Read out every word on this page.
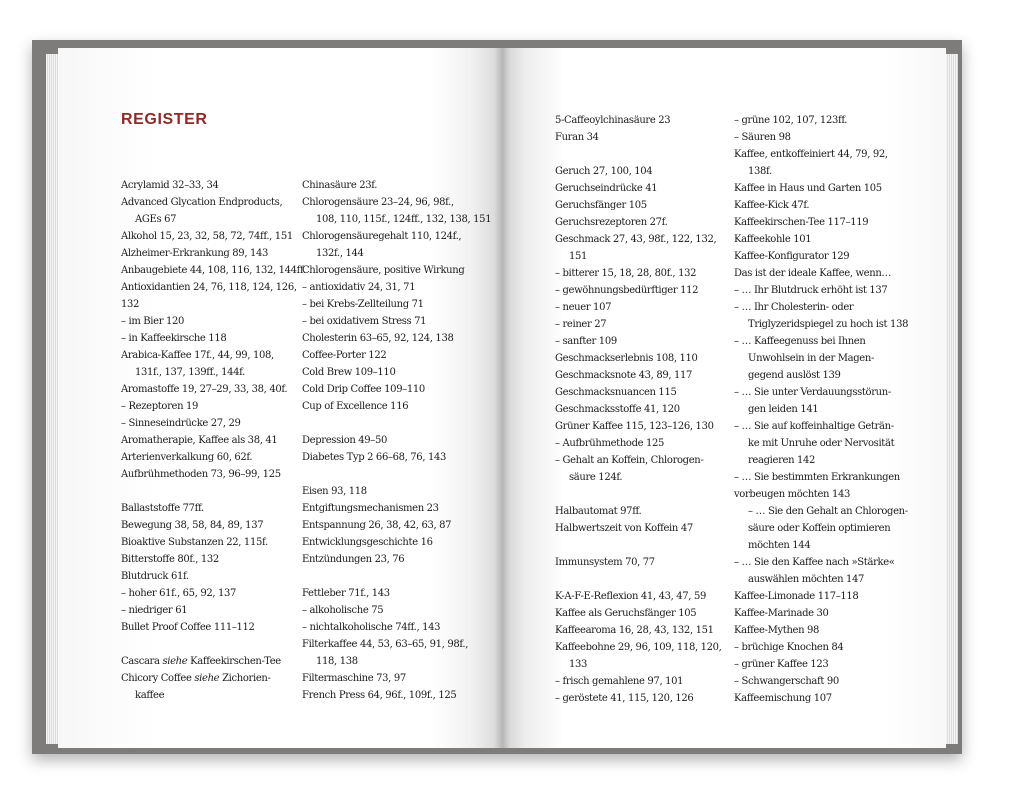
REGISTER
Acrylamid 32–33, 34
Advanced Glycation Endproducts,
AGEs 67
Alkohol 15, 23, 32, 58, 72, 74ff., 151
Alzheimer-Erkrankung 89, 143
Anbaugebiete 44, 108, 116, 132, 144ff.
Antioxidantien 24, 76, 118, 124, 126,
132
– im Bier 120
– in Kaffeekirsche 118
Arabica-Kaffee 17f., 44, 99, 108,
131f., 137, 139ff., 144f.
Aromastoffe 19, 27–29, 33, 38, 40f.
– Rezeptoren 19
– Sinneseindrücke 27, 29
Aromatherapie, Kaffee als 38, 41
Arterienverkalkung 60, 62f.
Aufbrühmethoden 73, 96–99, 125
Ballaststoffe 77ff.
Bewegung 38, 58, 84, 89, 137
Bioaktive Substanzen 22, 115f.
Bitterstoffe 80f., 132
Blutdruck 61f.
– hoher 61f., 65, 92, 137
– niedriger 61
Bullet Proof Coffee 111–112
Cascara siehe Kaffeekirschen-Tee
Chicory Coffee siehe Zichorien-
kaffee
Chinasäure 23f.
Chlorogensäure 23–24, 96, 98f.,
108, 110, 115f., 124ff., 132, 138, 151
Chlorogensäuregehalt 110, 124f.,
132f., 144
Chlorogensäure, positive Wirkung
– antioxidativ 24, 31, 71
– bei Krebs-Zellteilung 71
– bei oxidativem Stress 71
Cholesterin 63–65, 92, 124, 138
Coffee-Porter 122
Cold Brew 109–110
Cold Drip Coffee 109–110
Cup of Excellence 116
Depression 49–50
Diabetes Typ 2 66–68, 76, 143
Eisen 93, 118
Entgiftungsmechanismen 23
Entspannung 26, 38, 42, 63, 87
Entwicklungsgeschichte 16
Entzündungen 23, 76
Fettleber 71f., 143
– alkoholische 75
– nichtalkoholische 74ff., 143
Filterkaffee 44, 53, 63–65, 91, 98f.,
118, 138
Filtermaschine 73, 97
French Press 64, 96f., 109f., 125
5-Caffeoylchinasäure 23
Furan 34
Geruch 27, 100, 104
Geruchseindrücke 41
Geruchsfänger 105
Geruchsrezeptoren 27f.
Geschmack 27, 43, 98f., 122, 132,
151
– bitterer 15, 18, 28, 80f., 132
– gewöhnungsbedürftiger 112
– neuer 107
– reiner 27
– sanfter 109
Geschmackserlebnis 108, 110
Geschmacksnote 43, 89, 117
Geschmacksnuancen 115
Geschmacksstoffe 41, 120
Grüner Kaffee 115, 123–126, 130
– Aufbrühmethode 125
– Gehalt an Koffein, Chlorogen-
säure 124f.
Halbautomat 97ff.
Halbwertszeit von Koffein 47
Immunsystem 70, 77
K-A-F-E-Reflexion 41, 43, 47, 59
Kaffee als Geruchsfänger 105
Kaffeearoma 16, 28, 43, 132, 151
Kaffeebohne 29, 96, 109, 118, 120,
133
– frisch gemahlene 97, 101
– geröstete 41, 115, 120, 126
– grüne 102, 107, 123ff.
– Säuren 98
Kaffee, entkoffeiniert 44, 79, 92,
138f.
Kaffee in Haus und Garten 105
Kaffee-Kick 47f.
Kaffeekirschen-Tee 117–119
Kaffeekohle 101
Kaffee-Konfigurator 129
Das ist der ideale Kaffee, wenn…
– … Ihr Blutdruck erhöht ist 137
– … Ihr Cholesterin- oder
Triglyzeridspiegel zu hoch ist 138
– … Kaffeegenuss bei Ihnen
Unwohlsein in der Magen-
gegend auslöst 139
– … Sie unter Verdauungsstörun-
gen leiden 141
– … Sie auf koffeinhaltige Geträn-
ke mit Unruhe oder Nervosität
reagieren 142
– … Sie bestimmten Erkrankungen
vorbeugen möchten 143
– … Sie den Gehalt an Chlorogen-
säure oder Koffein optimieren
möchten 144
– … Sie den Kaffee nach »Stärke«
auswählen möchten 147
Kaffee-Limonade 117–118
Kaffee-Marinade 30
Kaffee-Mythen 98
– brüchige Knochen 84
– grüner Kaffee 123
– Schwangerschaft 90
Kaffeemischung 107
